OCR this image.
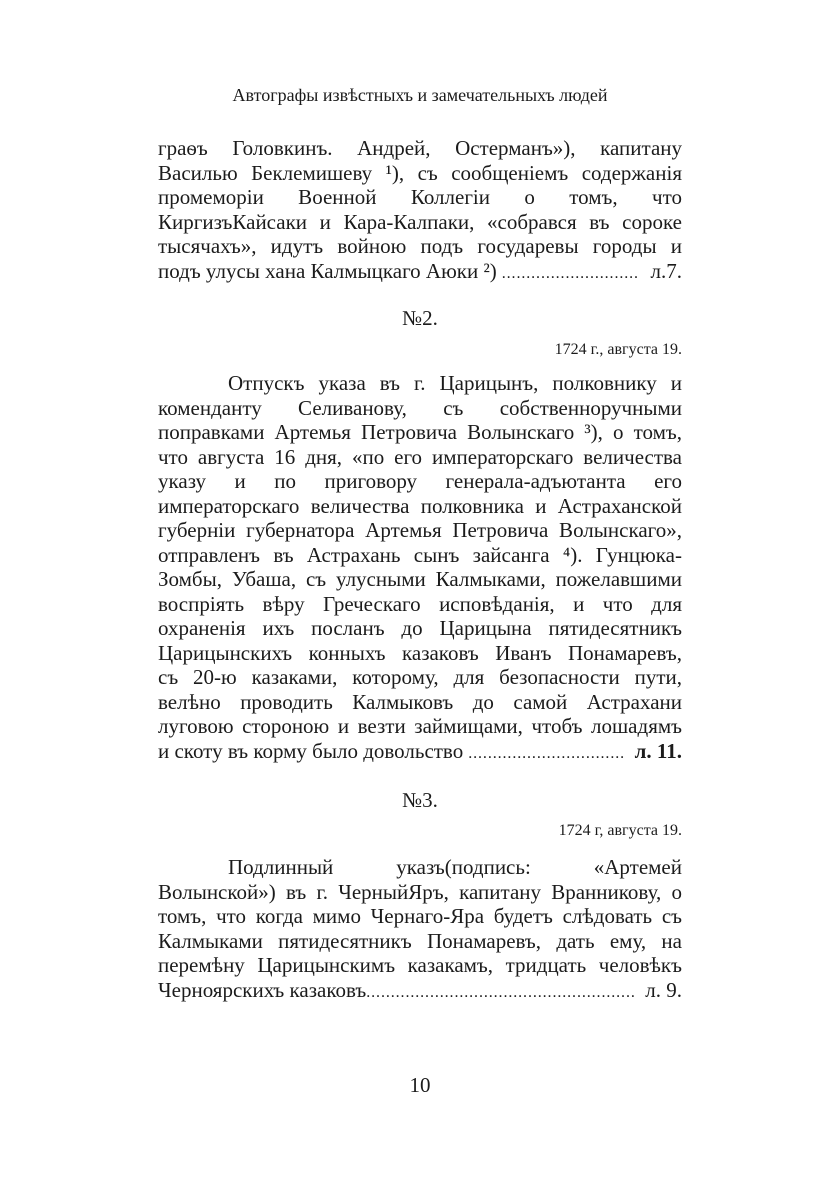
Автографы извѣстныхъ и замечательныхъ людей
граѳъ Головкинъ. Андрей, Остерманъ»), капитану
Василью Беклемишеву ¹), съ сообщеніемъ содержанія
промеморіи Военной Коллегіи о томъ, что
КиргизъКайсаки и Кара-Калпаки, «собрався въ сороке
тысячахъ», идутъ войною подъ государевы городы и
подъ улусы хана Калмыцкаго Аюки ²) ............................ л.7.
№2.
1724 г., августа 19.
Отпускъ указа въ г. Царицынъ, полковнику и
коменданту Селиванову, съ собственноручными
поправками Артемья Петровича Волынскаго ³), о томъ,
что августа 16 дня, «по его императорскаго величества
указу и по приговору генерала-адъютанта его
императорскаго величества полковника и Астраханской
губерніи губернатора Артемья Петровича Волынскаго»,
отправленъ въ Астрахань сынъ зайсанга ⁴). Гунцюка-
Зомбы, Убаша, съ улусными Калмыками, пожелавшими
воспріять вѣру Греческаго исповѣданія, и что для
охраненія ихъ посланъ до Царицына пятидесятникъ
Царицынскихъ конныхъ казаковъ Иванъ Понамаревъ,
съ 20-ю казаками, которому, для безопасности пути,
велѣно проводить Калмыковъ до самой Астрахани
луговою стороною и везти займищами, чтобъ лошадямъ
и скоту въ корму было довольство ................................ л. 11.
№3.
1724 г, августа 19.
Подлинный указъ(подпись: «Артемей
Волынской») въ г. ЧерныйЯръ, капитану Вранникову, о
томъ, что когда мимо Чернаго-Яра будетъ слѣдовать съ
Калмыками пятидесятникъ Понамаревъ, дать ему, на
перемѣну Царицынскимъ казакамъ, тридцать человѣкъ
Черноярскихъ казаковъ ....................................................... л. 9.
10
